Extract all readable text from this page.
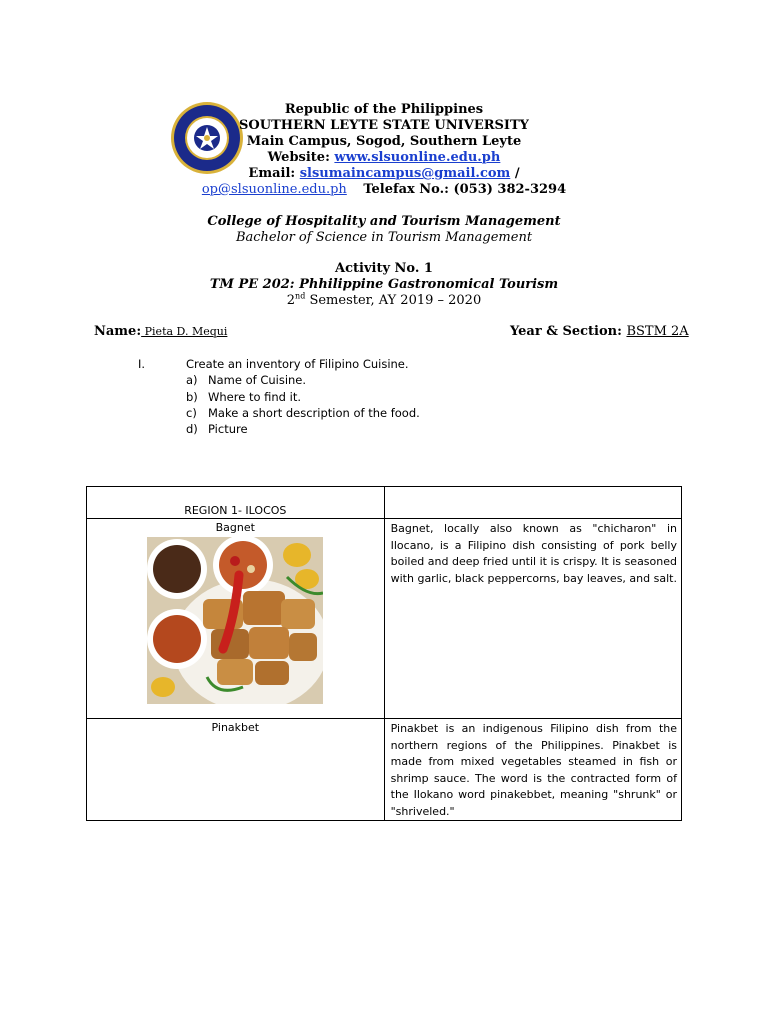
Republic of the Philippines
SOUTHERN LEYTE STATE UNIVERSITY
Main Campus, Sogod, Southern Leyte
Website: www.slsuonline.edu.ph
Email: slsumaincampus@gmail.com /
op@slsuonline.edu.ph Telefax No.: (053) 382-3294
College of Hospitality and Tourism Management
Bachelor of Science in Tourism Management
Activity No. 1
TM PE 202: Phhilippine Gastronomical Tourism
2nd Semester, AY 2019 – 2020
Name: Pieta D. Mequi	Year & Section: BSTM 2A
I.	Create an inventory of Filipino Cuisine.
a) Name of Cuisine.
b) Where to find it.
c) Make a short description of the food.
d) Picture
REGION 1- ILOCOS	

Bagnet	Bagnet, locally also known as "chicharon" in Ilocano, is a Filipino dish consisting of pork belly boiled and deep fried until it is crispy. It is seasoned with garlic, black peppercorns, bay leaves, and salt.

Pinakbet	Pinakbet is an indigenous Filipino dish from the northern regions of the Philippines. Pinakbet is made from mixed vegetables steamed in fish or shrimp sauce. The word is the contracted form of the Ilokano word pinakebbet, meaning "shrunk" or "shriveled."
